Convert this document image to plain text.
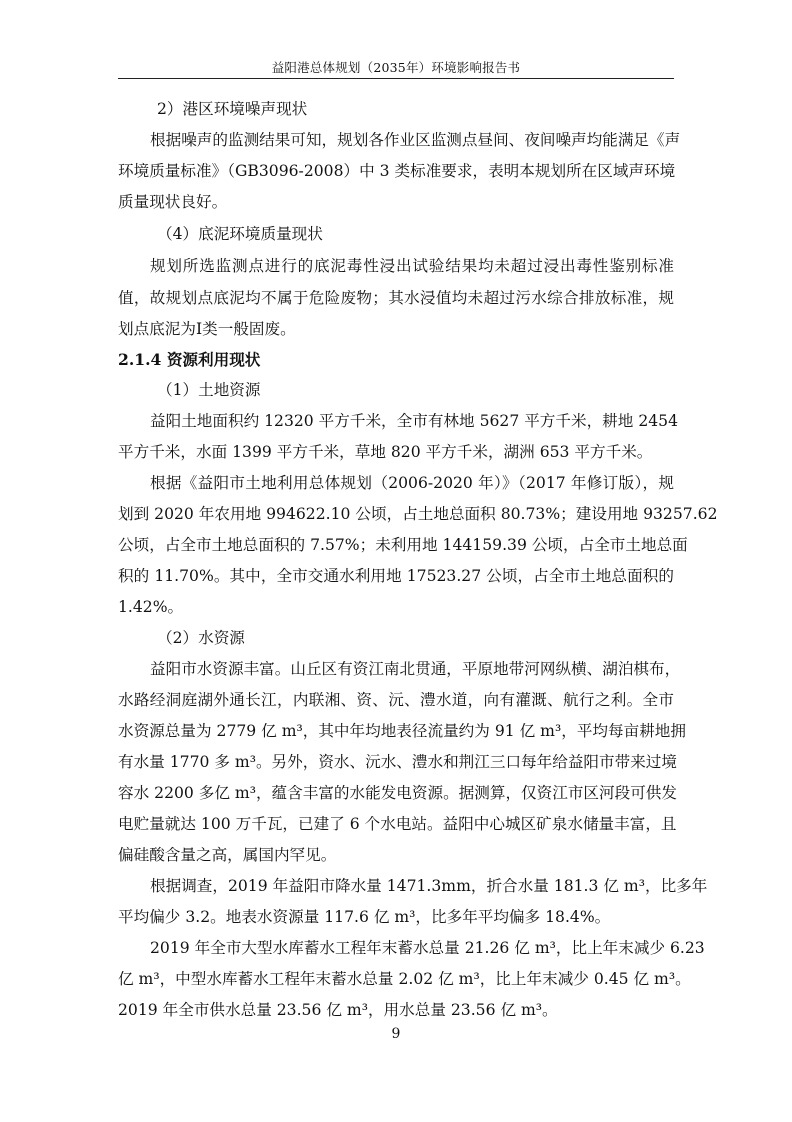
益阳港总体规划（2035年）环境影响报告书
2）港区环境噪声现状
根据噪声的监测结果可知，规划各作业区监测点昼间、夜间噪声均能满足《声
环境质量标准》（GB3096-2008）中 3 类标准要求，表明本规划所在区域声环境
质量现状良好。
（4）底泥环境质量现状
规划所选监测点进行的底泥毒性浸出试验结果均未超过浸出毒性鉴别标准
值，故规划点底泥均不属于危险废物；其水浸值均未超过污水综合排放标准，规
划点底泥为I类一般固废。
2.1.4 资源利用现状
（1）土地资源
益阳土地面积约 12320 平方千米，全市有林地 5627 平方千米，耕地 2454
平方千米，水面 1399 平方千米，草地 820 平方千米，湖洲 653 平方千米。
根据《益阳市土地利用总体规划（2006-2020 年）》（2017 年修订版），规
划到 2020 年农用地 994622.10 公顷，占土地总面积 80.73%；建设用地 93257.62
公顷，占全市土地总面积的 7.57%；未利用地 144159.39 公顷，占全市土地总面
积的 11.70%。其中，全市交通水利用地 17523.27 公顷，占全市土地总面积的
1.42%。
（2）水资源
益阳市水资源丰富。山丘区有资江南北贯通，平原地带河网纵横、湖泊棋布，
水路经洞庭湖外通长江，内联湘、资、沅、澧水道，向有灌溉、航行之利。全市
水资源总量为 2779 亿 m³，其中年均地表径流量约为 91 亿 m³，平均每亩耕地拥
有水量 1770 多 m³。另外，资水、沅水、澧水和荆江三口每年给益阳市带来过境
容水 2200 多亿 m³，蕴含丰富的水能发电资源。据测算，仅资江市区河段可供发
电贮量就达 100 万千瓦，已建了 6 个水电站。益阳中心城区矿泉水储量丰富，且
偏硅酸含量之高，属国内罕见。
根据调查，2019 年益阳市降水量 1471.3mm，折合水量 181.3 亿 m³，比多年
平均偏少 3.2。地表水资源量 117.6 亿 m³，比多年平均偏多 18.4%。
2019 年全市大型水库蓄水工程年末蓄水总量 21.26 亿 m³，比上年末减少 6.23
亿 m³，中型水库蓄水工程年末蓄水总量 2.02 亿 m³，比上年末减少 0.45 亿 m³。
2019 年全市供水总量 23.56 亿 m³，用水总量 23.56 亿 m³。
9
